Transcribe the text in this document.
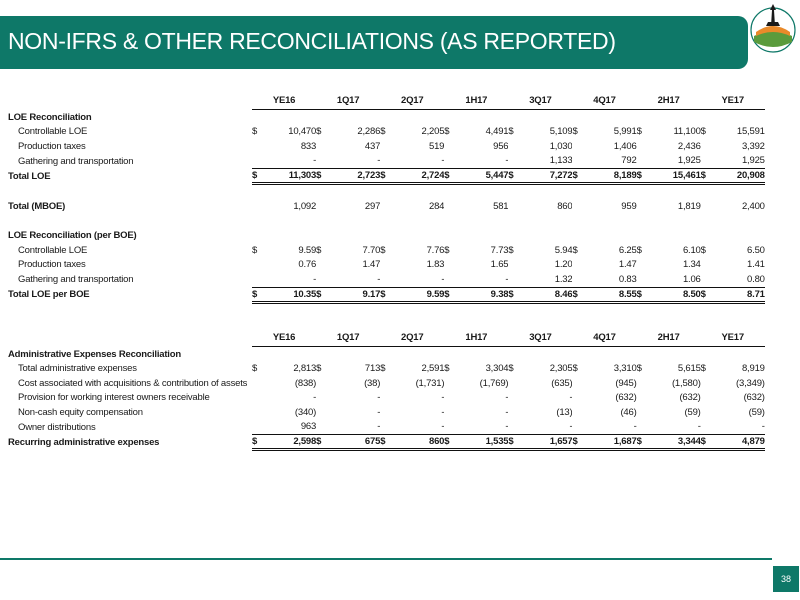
NON-IFRS & OTHER RECONCILIATIONS (AS REPORTED)
	YE16		1Q17		2Q17		1H17		3Q17		4Q17		2H17		YE17	
LOE Reconciliation																
Controllable LOE	$	10,470	$	2,286	$	2,205	$	4,491	$	5,109	$	5,991	$	11,100	$	15,591
Production taxes		833		437		519		956		1,030		1,406		2,436		3,392
Gathering and transportation		-		-		-		-		1,133		792		1,925		1,925
Total LOE	$	11,303	$	2,723	$	2,724	$	5,447	$	7,272	$	8,189	$	15,461	$	20,908

Total (MBOE)		1,092		297		284		581		860		959		1,819		2,400

LOE Reconciliation (per BOE)																
Controllable LOE	$	9.59	$	7.70	$	7.76	$	7.73	$	5.94	$	6.25	$	6.10	$	6.50
Production taxes		0.76		1.47		1.83		1.65		1.20		1.47		1.34		1.41
Gathering and transportation		-		-		-		-		1.32		0.83		1.06		0.80
Total LOE per BOE	$	10.35	$	9.17	$	9.59	$	9.38	$	8.46	$	8.55	$	8.50	$	8.71
	YE16		1Q17		2Q17		1H17		3Q17		4Q17		2H17		YE17	
Administrative Expenses Reconciliation																
Total administrative expenses	$	2,813	$	713	$	2,591	$	3,304	$	2,305	$	3,310	$	5,615	$	8,919
Cost associated with acquisitions & contribution of assets		(838)		(38)		(1,731)		(1,769)		(635)		(945)		(1,580)		(3,349)
Provision for working interest owners receivable		-		-		-		-		-		(632)		(632)		(632)
Non-cash equity compensation		(340)		-		-		-		(13)		(46)		(59)		(59)
Owner distributions		963		-		-		-		-		-		-		-
Recurring administrative expenses	$	2,598	$	675	$	860	$	1,535	$	1,657	$	1,687	$	3,344	$	4,879
38
